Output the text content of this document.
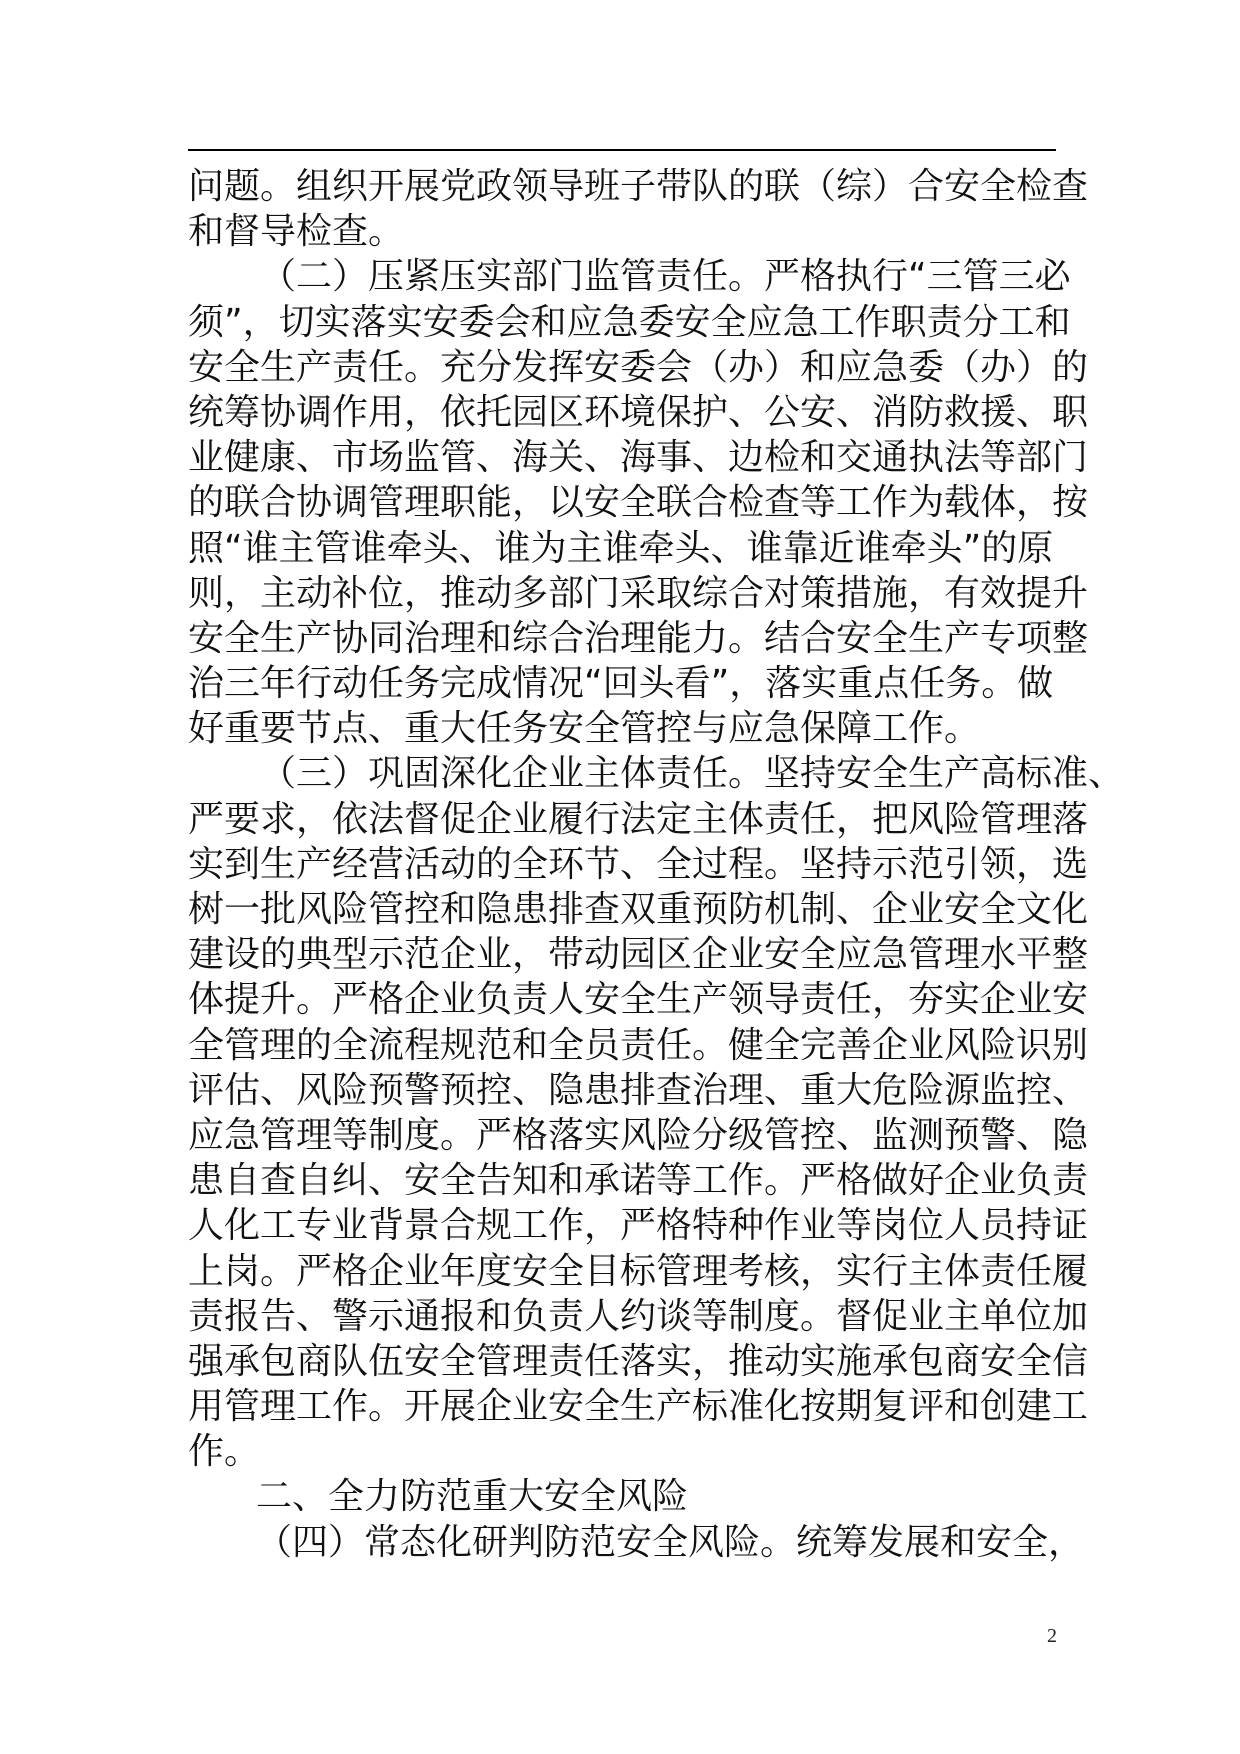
问题。组织开展党政领导班子带队的联（综）合安全检查
和督导检查。
（二）压紧压实部门监管责任。严格执行“三管三必
须”，切实落实安委会和应急委安全应急工作职责分工和
安全生产责任。充分发挥安委会（办）和应急委（办）的
统筹协调作用，依托园区环境保护、公安、消防救援、职
业健康、市场监管、海关、海事、边检和交通执法等部门
的联合协调管理职能，以安全联合检查等工作为载体，按
照“谁主管谁牵头、谁为主谁牵头、谁靠近谁牵头”的原
则，主动补位，推动多部门采取综合对策措施，有效提升
安全生产协同治理和综合治理能力。结合安全生产专项整
治三年行动任务完成情况“回头看”，落实重点任务。做
好重要节点、重大任务安全管控与应急保障工作。
（三）巩固深化企业主体责任。坚持安全生产高标准、
严要求，依法督促企业履行法定主体责任，把风险管理落
实到生产经营活动的全环节、全过程。坚持示范引领，选
树一批风险管控和隐患排查双重预防机制、企业安全文化
建设的典型示范企业，带动园区企业安全应急管理水平整
体提升。严格企业负责人安全生产领导责任，夯实企业安
全管理的全流程规范和全员责任。健全完善企业风险识别
评估、风险预警预控、隐患排查治理、重大危险源监控、
应急管理等制度。严格落实风险分级管控、监测预警、隐
患自查自纠、安全告知和承诺等工作。严格做好企业负责
人化工专业背景合规工作，严格特种作业等岗位人员持证
上岗。严格企业年度安全目标管理考核，实行主体责任履
责报告、警示通报和负责人约谈等制度。督促业主单位加
强承包商队伍安全管理责任落实，推动实施承包商安全信
用管理工作。开展企业安全生产标准化按期复评和创建工
作。
二、全力防范重大安全风险
（四）常态化研判防范安全风险。统筹发展和安全，
2
